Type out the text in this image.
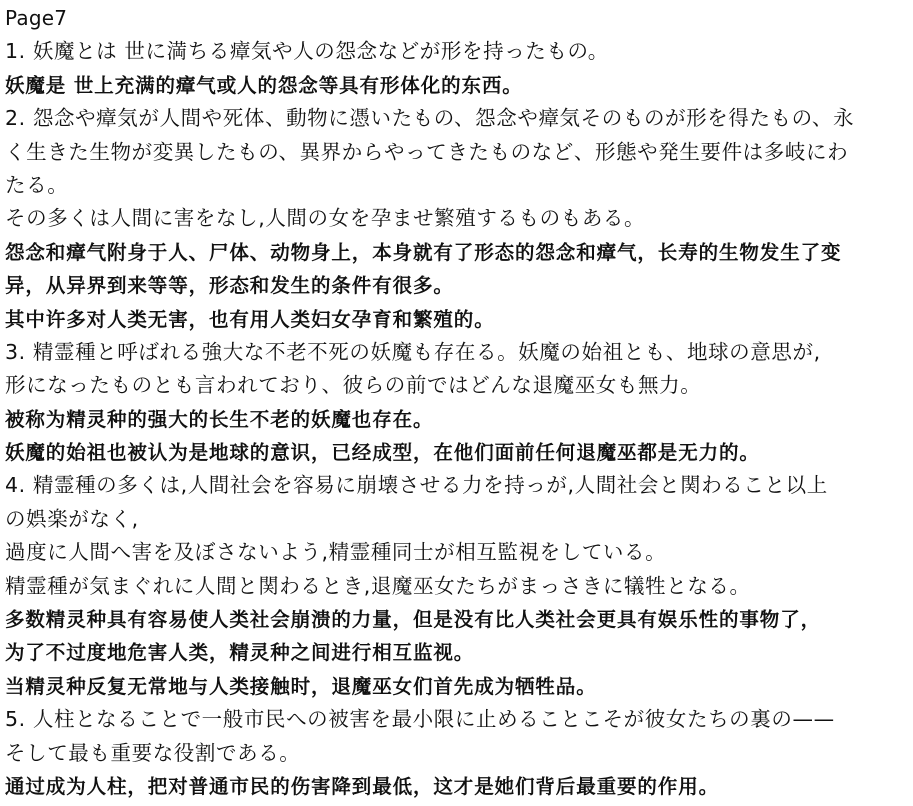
Page7
1. 妖魔とは 世に満ちる瘴気や人の怨念などが形を持ったもの。
妖魔是 世上充满的瘴气或人的怨念等具有形体化的东西。
2. 怨念や瘴気が人間や死体、動物に憑いたもの、怨念や瘴気そのものが形を得たもの、永
く生きた生物が変異したもの、異界からやってきたものなど、形態や発生要件は多岐にわ
たる。
その多くは人間に害をなし,人間の女を孕ませ繁殖するものもある。
怨念和瘴气附身于人、尸体、动物身上，本身就有了形态的怨念和瘴气，长寿的生物发生了变
异，从异界到来等等，形态和发生的条件有很多。
其中许多对人类无害，也有用人类妇女孕育和繁殖的。
3. 精霊種と呼ばれる強大な不老不死の妖魔も存在る。妖魔の始祖とも、地球の意思が,
形になったものとも言われており、彼らの前ではどんな退魔巫女も無力。
被称为精灵种的强大的长生不老的妖魔也存在。
妖魔的始祖也被认为是地球的意识，已经成型，在他们面前任何退魔巫都是无力的。
4. 精霊種の多くは,人間社会を容易に崩壊させる力を持っが,人間社会と関わること以上
の娯楽がなく,
過度に人間へ害を及ぼさないよう,精霊種同士が相互監視をしている。
精霊種が気まぐれに人間と関わるとき,退魔巫女たちがまっさきに犠牲となる。
多数精灵种具有容易使人类社会崩溃的力量，但是没有比人类社会更具有娱乐性的事物了，
为了不过度地危害人类，精灵种之间进行相互监视。
当精灵种反复无常地与人类接触时，退魔巫女们首先成为牺牲品。
5. 人柱となることで一般市民への被害を最小限に止めることこそが彼女たちの裏の——
そして最も重要な役割である。
通过成为人柱，把对普通市民的伤害降到最低，这才是她们背后最重要的作用。
